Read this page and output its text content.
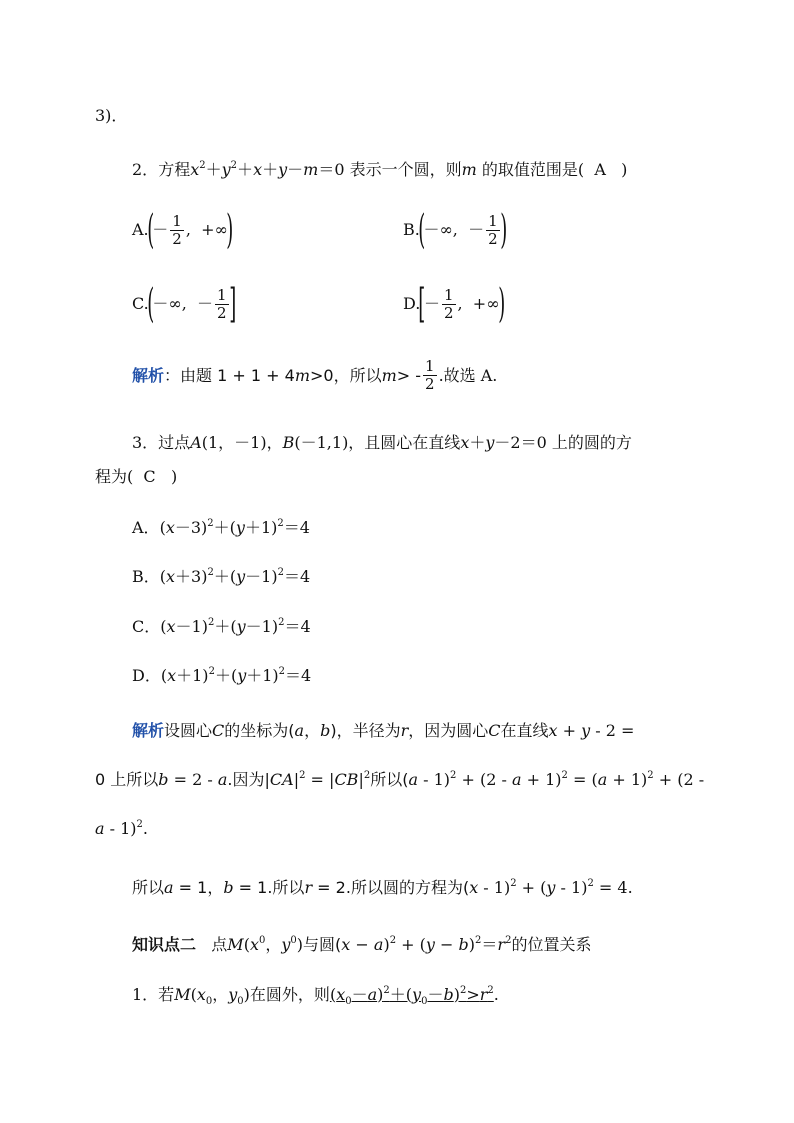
3)．
2．方程$x^2+y^2+x+y-m=0$ 表示一个圆，则m 的取值范围是( A )
A.
(
－ $\frac{1}{2}$ ,
+∞
)	B.
(
－∞ ,
－ $\frac{1}{2}$ )
C.
(
－∞ ,
－ $\frac{1}{2}$ ]	D.
[
－ $\frac{1}{2}$ ,
+∞
)
解析 ：由题 1 + 1 + 4 m >0，所以 m > - $\frac{1}{2}$ .故选 A.
3．过点A(1，－1)，B(－1,1)，且圆心在直线x＋y－2＝0 上的圆的方
程为( C )
A．$(x-3)^2+(y+1)^2=4$
B．$(x+3)^2+(y-1)^2=4$
C．$(x-1)^2+(y-1)^2=4$
D．$(x+1)^2+(y+1)^2=4$
解析设圆心C的坐标为(a，b)，半径为r，因为圆心C在直线x + y - 2 =
0 上所以b = 2 - a.因为$|CA|^2 = |CB|^2$所以$(a - 1)^2 + (2 - a + 1)^2 = (a + 1)^2 + (2$ -
a - 1)$^2$.
所以a = 1，b = 1.所以r = 2.所以圆的方程为(x - 1)$^2$ + (y - 1)$^2$ = 4.
知识点二 点$M(x^0$，$y^0$)与圆$(x - a)^2 + (y - b)^2=r^2$的位置关系
1．若$M(x_0$，$y_0$)在圆外，则$(x_0-a)^2+(y_0-b)^2>r^2$.
